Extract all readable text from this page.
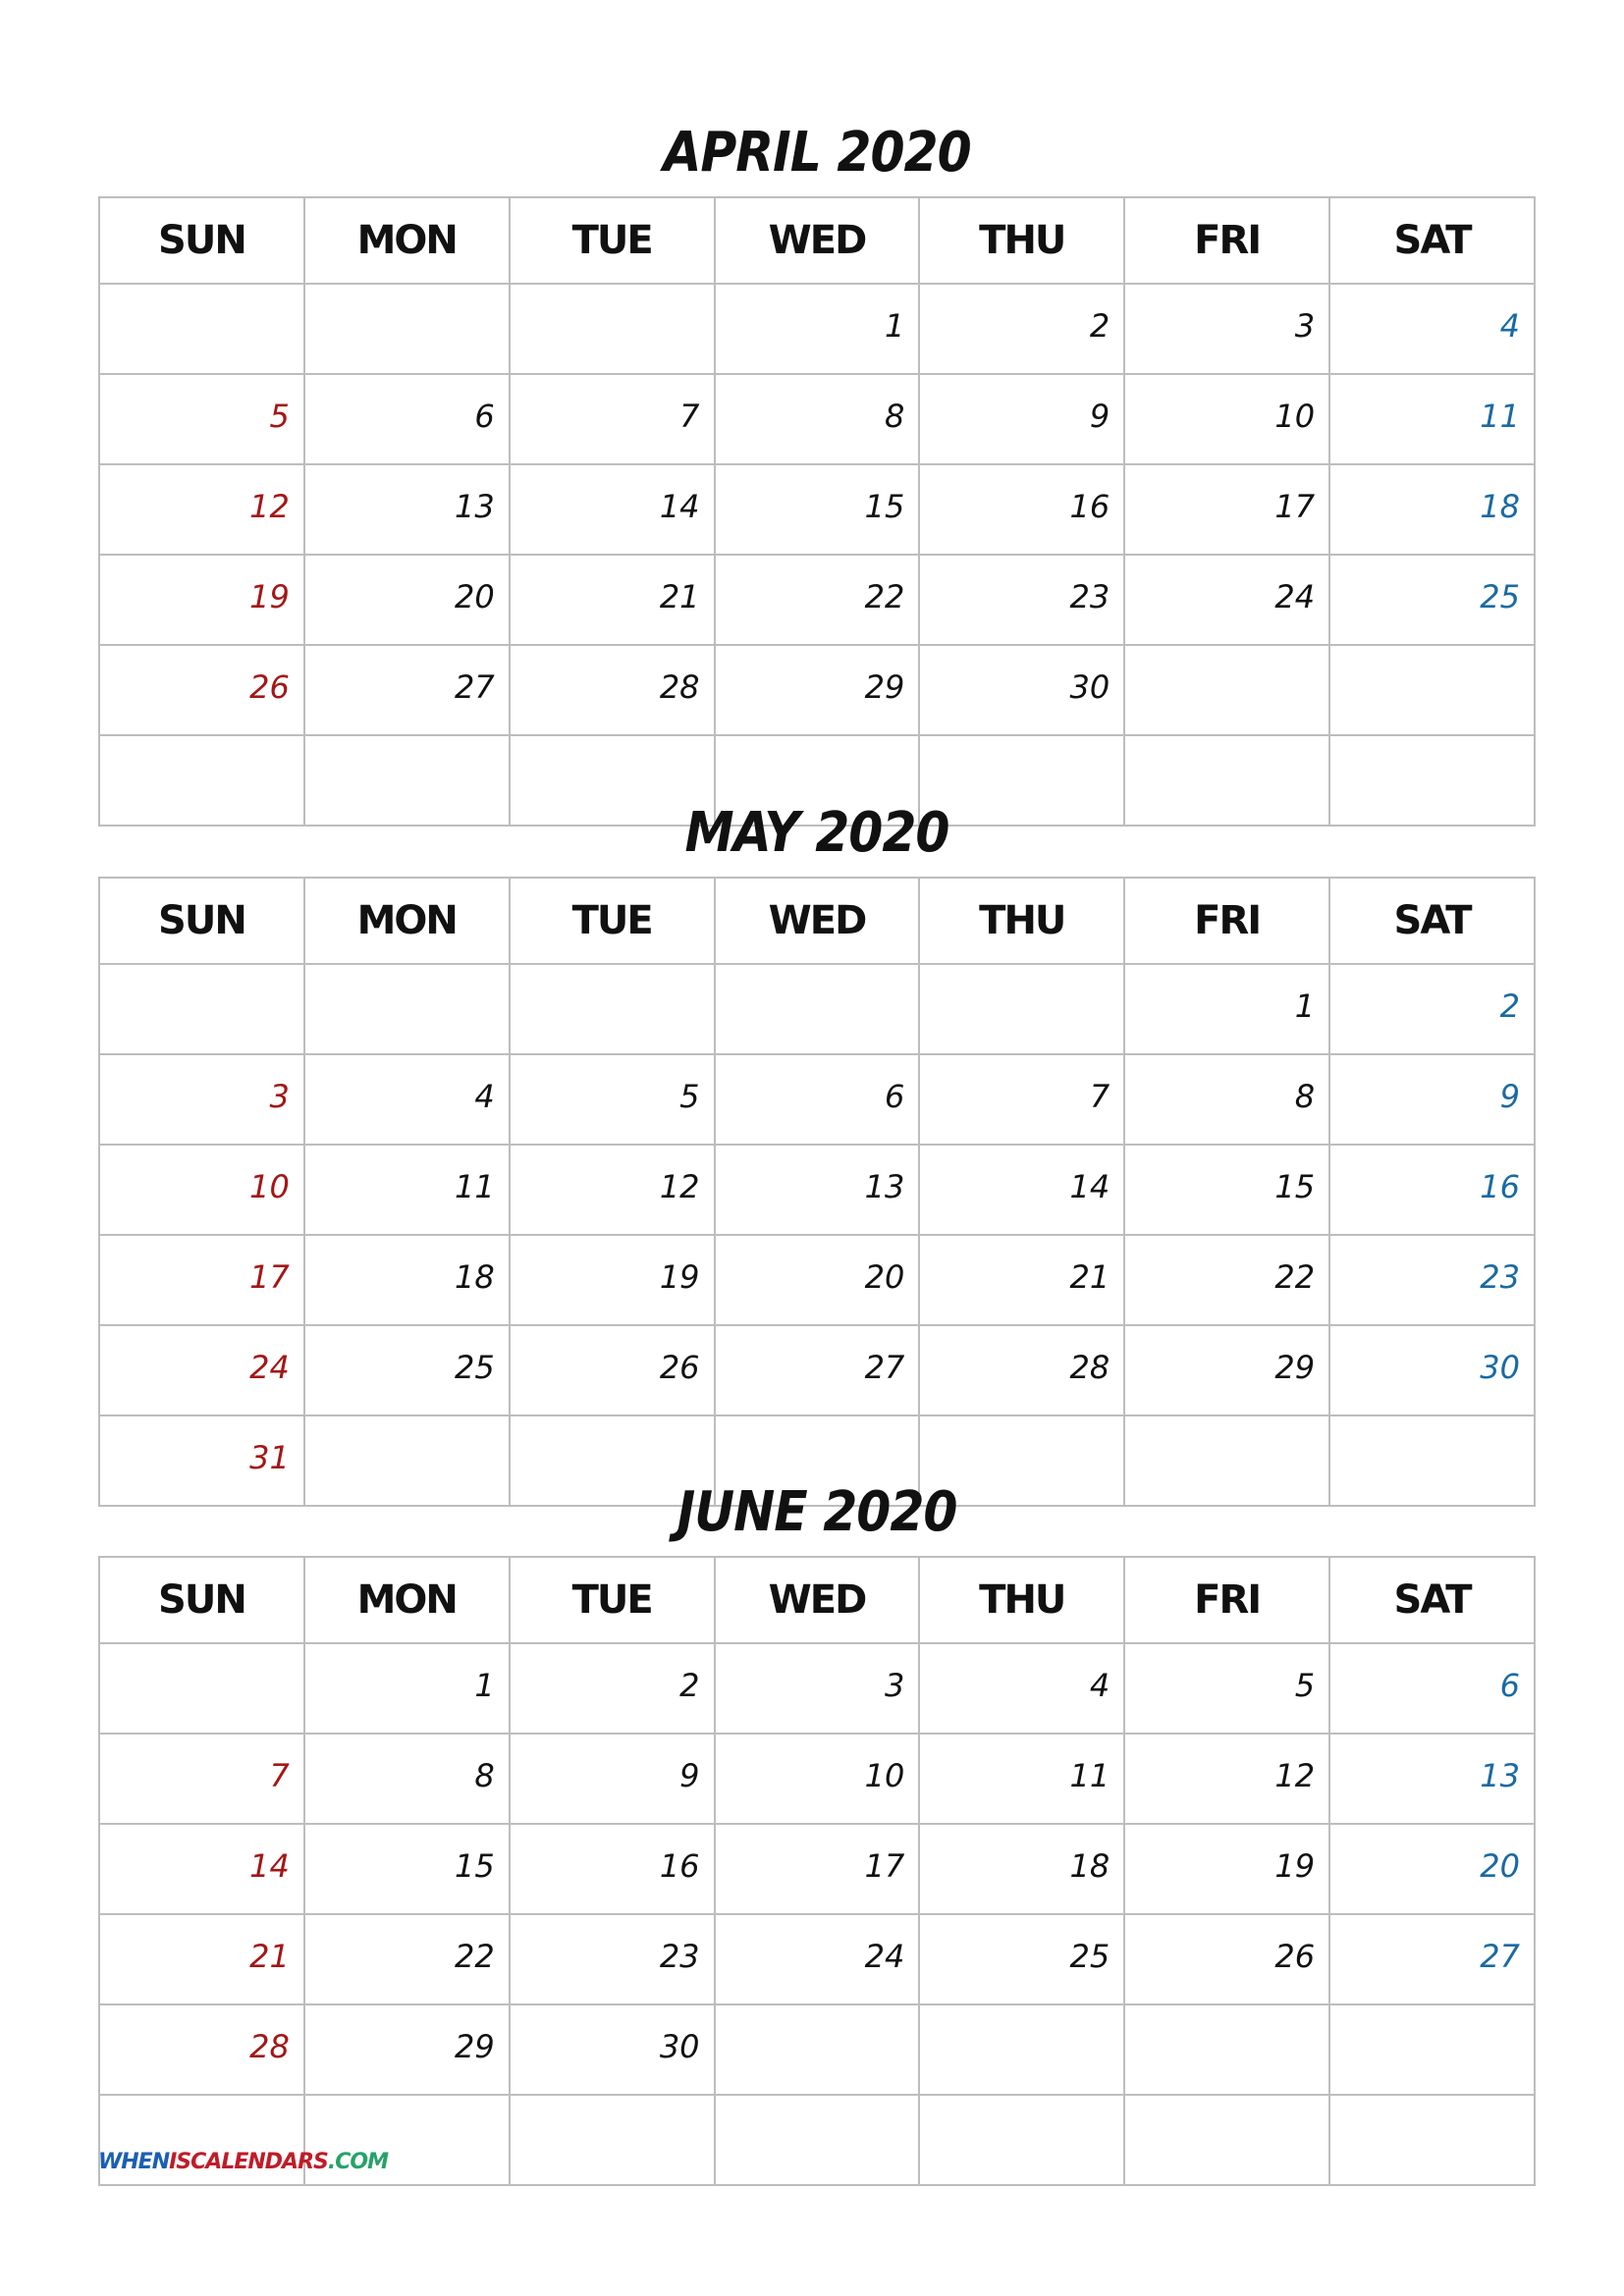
APRIL 2020
SUN	MON	TUE	WED	THU	FRI	SAT
			1	2	3	4
5	6	7	8	9	10	11
12	13	14	15	16	17	18
19	20	21	22	23	24	25
26	27	28	29	30		

MAY 2020
SUN	MON	TUE	WED	THU	FRI	SAT
					1	2
3	4	5	6	7	8	9
10	11	12	13	14	15	16
17	18	19	20	21	22	23
24	25	26	27	28	29	30
31						
JUNE 2020
SUN	MON	TUE	WED	THU	FRI	SAT
	1	2	3	4	5	6
7	8	9	10	11	12	13
14	15	16	17	18	19	20
21	22	23	24	25	26	27
28	29	30				

WHENISCALENDARS.COM
